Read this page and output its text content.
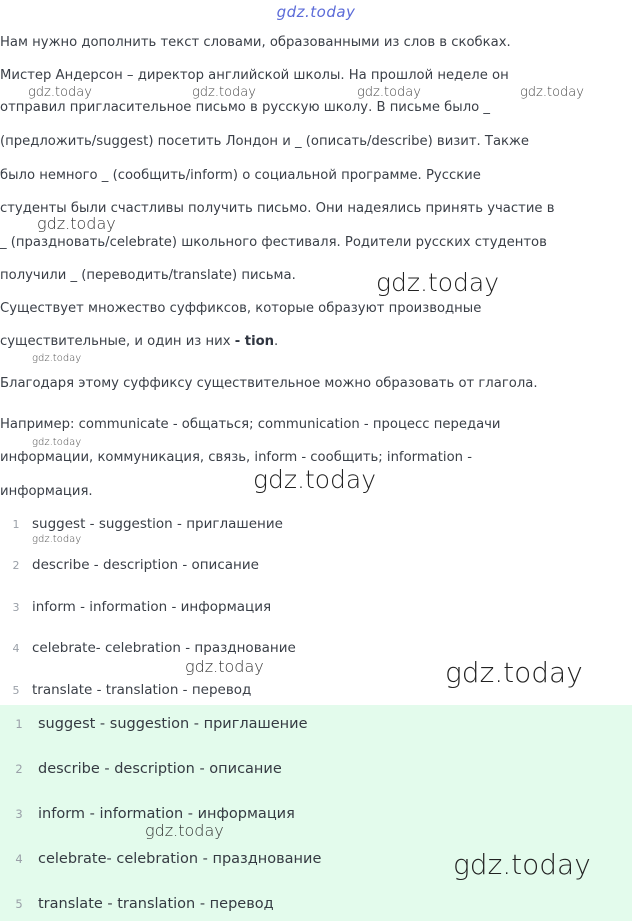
gdz.today

Нам нужно дополнить текст словами, образованными из слов в скобках.

Мистер Андерсон – директор английской школы. На прошлой неделе он

отправил пригласительное письмо в русскую школу. В письме было _

(предложить/suggest) посетить Лондон и _ (описать/describe) визит. Также

было немного _ (сообщить/inform) о социальной программе. Русские

студенты были счастливы получить письмо. Они надеялись принять участие в

_ (праздновать/celebrate) школьного фестиваля. Родители русских студентов

получили _ (переводить/translate) письма.

Существует множество суффиксов, которые образуют производные

существительные, и один из них - tion.

Благодаря этому суффиксу существительное можно образовать от глагола.

Например: communicate - общаться; communication - процесс передачи

информации, коммуникация, связь, inform - сообщить; information -

информация.

1 suggest - suggestion - приглашение
2 describe - description - описание
3 inform - information - информация
4 celebrate- celebration - празднование
5 translate - translation - перевод
1	suggest - suggestion - приглашение
2	describe - description - описание
3	inform - information - информация
4	celebrate- celebration - празднование
5	translate - translation - перевод
gdz.today	gdz.today	gdz.today	gdz.today
gdz.today
gdz.today
gdz.today
gdz.today
gdz.today
gdz.today
gdz.today	gdz.today
gdz.today
gdz.today
